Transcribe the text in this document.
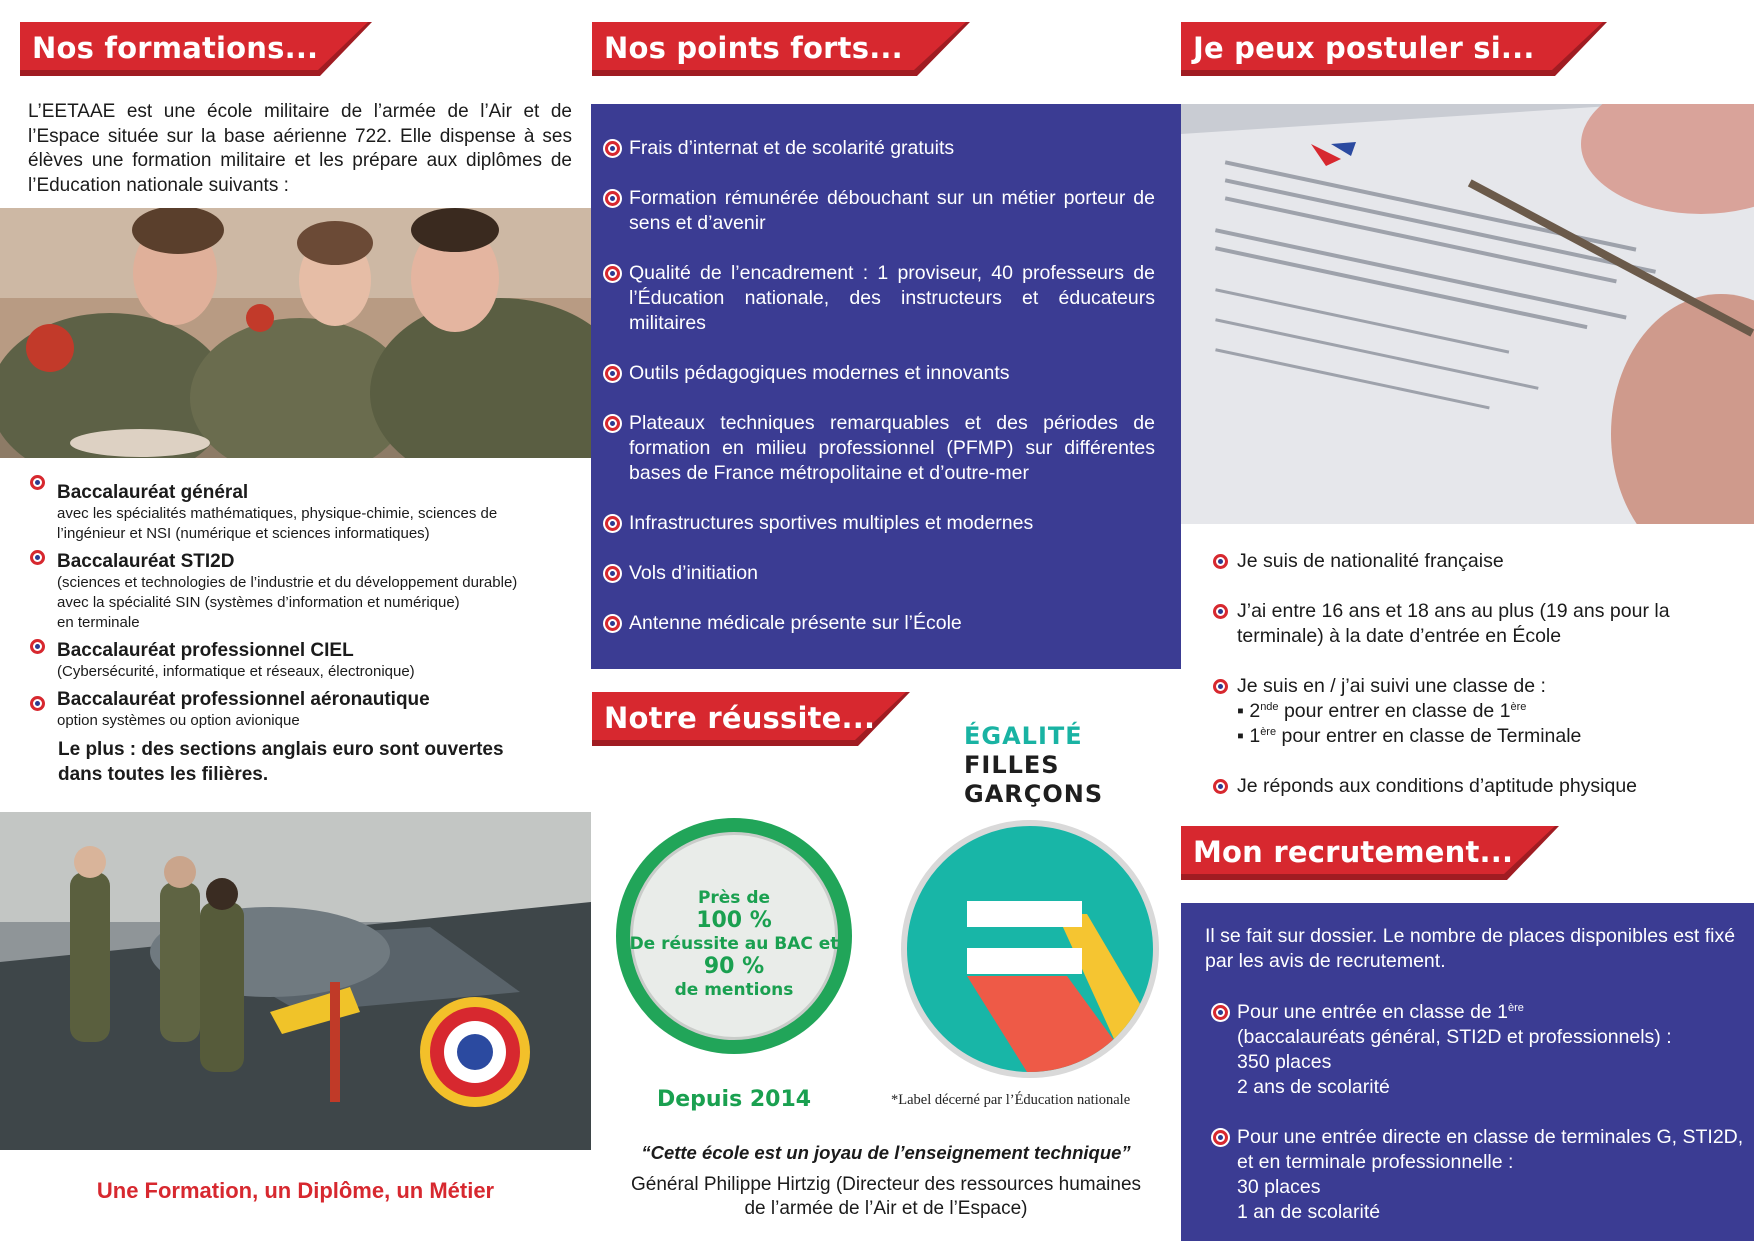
Nos formations...

L’EETAAE est une école militaire de l’armée de l’Air et de l’Espace située sur la base aérienne 722. Elle dispense à ses élèves une formation militaire et les prépare aux diplômes de l’Education nationale suivants :

Baccalauréat général
avec les spécialités mathématiques, physique-chimie, sciences de
l’ingénieur et NSI (numérique et sciences informatiques)
Baccalauréat STI2D
(sciences et technologies de l’industrie et du développement durable)
avec la spécialité SIN (systèmes d’information et numérique)
en terminale
Baccalauréat professionnel CIEL
(Cybersécurité, informatique et réseaux, électronique)
Baccalauréat professionnel aéronautique
option systèmes ou option avionique
Le plus : des sections anglais euro sont ouvertes
dans toutes les filières.
Une Formation, un Diplôme, un Métier
Nos points forts...
Frais d’internat et de scolarité gratuits
Formation rémunérée débouchant sur un métier porteur de sens et d’avenir
Qualité de l’encadrement : 1 proviseur, 40 professeurs de l’Éducation nationale, des instructeurs et éducateurs militaires
Outils pédagogiques modernes et innovants
Plateaux techniques remarquables et des périodes de formation en milieu professionnel (PFMP) sur différentes bases de France métropolitaine et d’outre-mer
Infrastructures sportives multiples et modernes
Vols d’initiation
Antenne médicale présente sur l’École
Notre réussite...
Près de
100 %
De réussite au BAC et
90 %
de mentions
Depuis 2014
ÉGALITÉ
FILLES
GARÇONS
*Label décerné par l’Éducation nationale
“Cette école est un joyau de l’enseignement technique”
Général Philippe Hirtzig (Directeur des ressources humaines
de l’armée de l’Air et de l’Espace)
Je peux postuler si...
Je suis de nationalité française
J’ai entre 16 ans et 18 ans au plus (19 ans pour la terminale) à la date d’entrée en École
Je suis en / j’ai suivi une classe de :
▪ 2nde pour entrer en classe de 1ère
▪ 1ère pour entrer en classe de Terminale
Je réponds aux conditions d’aptitude physique
Mon recrutement...
Il se fait sur dossier. Le nombre de places disponibles est fixé par les avis de recrutement.
Pour une entrée en classe de 1ère
(baccalauréats général, STI2D et professionnels) :
350 places
2 ans de scolarité
Pour une entrée directe en classe de terminales G, STI2D,
et en terminale professionnelle :
30 places
1 an de scolarité
